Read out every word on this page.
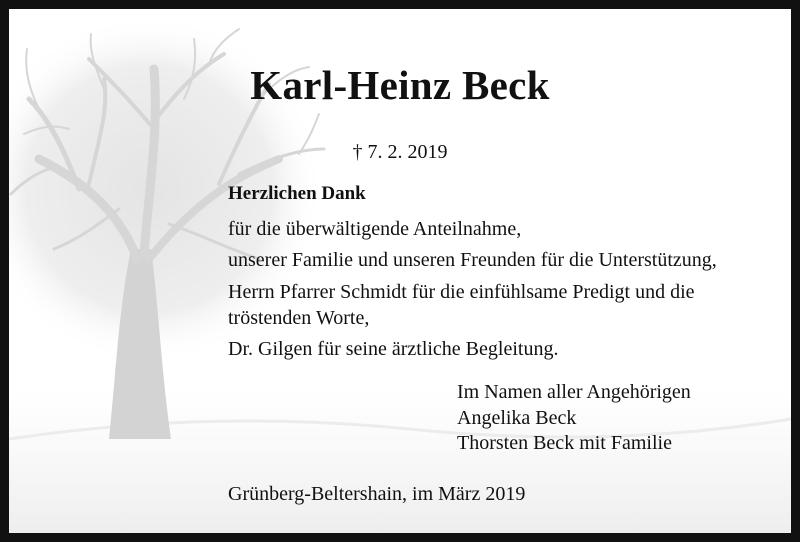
Karl-Heinz Beck
† 7. 2. 2019
Herzlichen Dank
für die überwältigende Anteilnahme,
unserer Familie und unseren Freunden für die Unterstützung,
Herrn Pfarrer Schmidt für die einfühlsame Predigt und die
tröstenden Worte,
Dr. Gilgen für seine ärztliche Begleitung.
Im Namen aller Angehörigen
Angelika Beck
Thorsten Beck mit Familie
Grünberg-Beltershain, im März 2019
